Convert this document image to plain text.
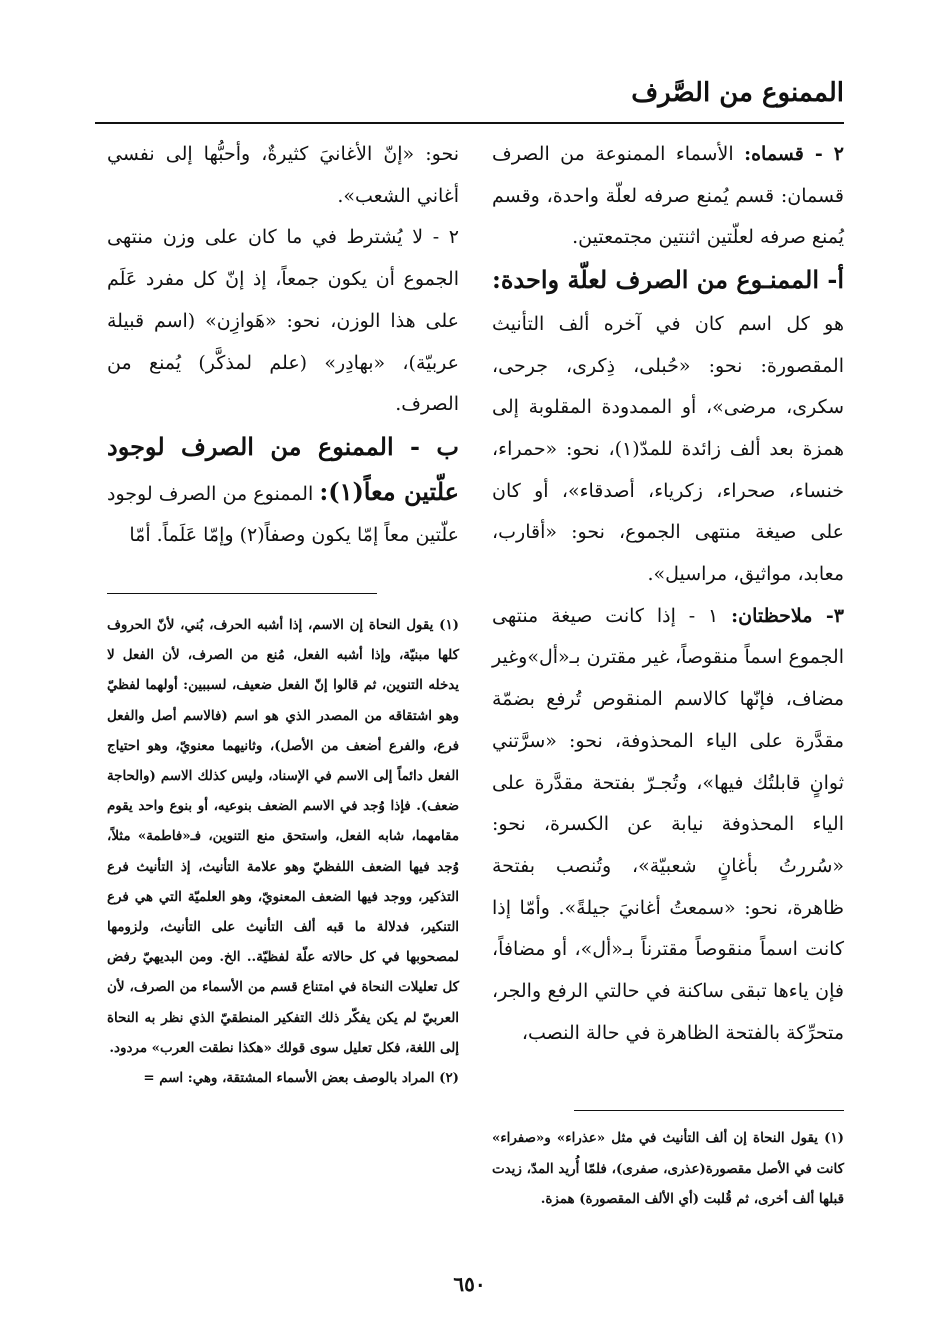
الممنوع من الصَّرف

٢ - قسماه: الأسماء الممنوعة من الصرف قسمان: قسم يُمنع صرفه لعلّة واحدة، وقسم يُمنع صرفه لعلّتين اثنتين مجتمعتين.

أ- الممنـوع من الصرف لعلّة واحدة: هو كل اسم كان في آخره ألف التأنيث المقصورة: نحو: «حُبلى، ذِكرى، جرحى، سكرى، مرضى»، أو الممدودة المقلوبة إلى همزة بعد ألف زائدة للمدّ(١)، نحو: «حمراء، خنساء، صحراء، زكرياء، أصدقاء»، أو كان على صيغة منتهى الجموع، نحو: «أقارب، معابد، مواثيق، مراسيل».

٣- ملاحظتان: ١ - إذا كانت صيغة منتهى الجموع اسماً منقوصاً، غير مقترن بـ«أل»وغير مضاف، فإنّها كالاسم المنقوص تُرفع بضمّة مقدَّرة على الياء المحذوفة، نحو: «سرَّتني ثوانٍ قابلتُك فيها»، وتُجـرّ بفتحة مقدَّرة على الياء المحذوفة نيابة عن الكسرة، نحو: «سُررتُ بأغانٍ شعبيّة»، وتُنصب بفتحة ظاهرة، نحو: «سمعتُ أغانيَ جيلةً». وأمّا إذا كانت اسماً منقوصاً مقترناً بـ«أل»، أو مضافاً، فإن ياءها تبقى ساكنة في حالتي الرفع والجر، متحرِّكة بالفتحة الظاهرة في حالة النصب،

(١) يقول النحاة إن ألف التأنيث في مثل «عذراء» و«صفراء» كانت في الأصل مقصورة(عذرى، صفرى)، فلمّا أُريد المدّ، زيدت قبلها ألف أخرى، ثم قُلبت (أي الألف المقصورة) همزة.

نحو: «إنّ الأغانيَ كثيرةٌ، وأحبُّها إلى نفسي أغاني الشعب».

٢ - لا يُشترط في ما كان على وزن منتهى الجموع أن يكون جمعاً، إذ إنّ كل مفرد عَلَم على هذا الوزن، نحو: «هَوازِن» (اسم قبيلة عربيّة)، «بهادِر» (علم لمذكَّر) يُمنع من الصرف.

ب - الممنوع من الصرف لوجود علّتين معاً(١): الممنوع من الصرف لوجود علّتين معاً إمّا يكون وصفاً(٢) وإمّا عَلَماً. أمّا

(١) يقول النحاة إن الاسم، إذا أشبه الحرف، بُني، لأنّ الحروف كلها مبنيّة، وإذا أشبه الفعل، مُنع من الصرف، لأن الفعل لا يدخله التنوين، ثم قالوا إنّ الفعل ضعيف، لسببين: أولهما لفظيّ وهو اشتقاقه من المصدر الذي هو اسم (فالاسم أصل والفعل فرع، والفرع أضعف من الأصل)، وثانيهما معنويّ، وهو احتياج الفعل دائماً إلى الاسم في الإسناد، وليس كذلك الاسم (والحاجة ضعف). فإذا وُجد في الاسم الضعف بنوعيه، أو بنوع واحد يقوم مقامهما، شابه الفعل، واستحق منع التنوين، فـ«فاطمة» مثلاً، وُجد فيها الضعف اللفظيّ وهو علامة التأنيث، إذ التأنيث فرع التذكير، ووجد فيها الضعف المعنويّ، وهو العلميّة التي هي فرع التنكير، فدلالة ما قبه ألف التأنيث على التأنيث، ولزومها لمصحوبها في كل حالاته علّة لفظيّة.. الخ. ومن البديهيّ رفض كل تعليلات النحاة في امتناع قسم من الأسماء من الصرف، لأن العربيّ لم يكن يفكّر ذلك التفكير المنطقيّ الذي نظر به النحاة إلى اللغة، فكل تعليل سوى قولك «هكذا نطقت العرب» مردود.

(٢) المراد بالوصف بعض الأسماء المشتقة، وهي: اسم =

٦٥٠
